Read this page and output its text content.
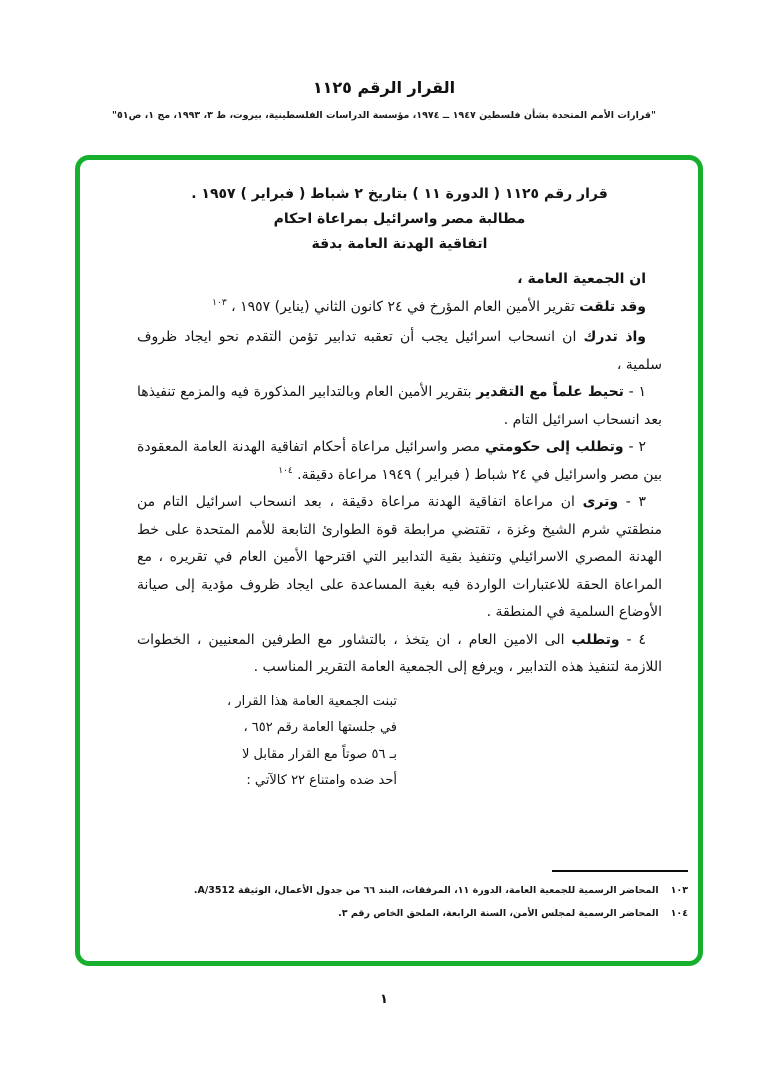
القرار الرقم ١١٢٥
"قرارات الأمم المتحدة بشأن فلسطين ١٩٤٧ ــ ١٩٧٤، مؤسسة الدراسات الفلسطينية، بيروت، ط ٣، ١٩٩٣، مج ١، ص٥١"
قرار رقم ١١٢٥ ( الدورة ١١ ) بتاريخ ٢ شباط ( فبراير ) ١٩٥٧ .
مطالبة مصر واسرائيل بمراعاة احكام
اتفاقية الهدنة العامة بدقة

ان الجمعية العامة ،

وقد تلقت تقرير الأمين العام المؤرخ في ٢٤ كانون الثاني (يناير) ١٩٥٧ ، $^{١٠٣}$

واذ تدرك ان انسحاب اسرائيل يجب أن تعقبه تدابير تؤمن التقدم نحو ايجاد ظروف سلمية ،

١ - تحيط علماً مع التقدير بتقرير الأمين العام وبالتدابير المذكورة فيه والمزمع تنفيذها بعد انسحاب اسرائيل التام .

٢ - وتطلب إلى حكومتي مصر واسرائيل مراعاة أحكام اتفاقية الهدنة العامة المعقودة بين مصر واسرائيل في ٢٤ شباط ( فبراير ) ١٩٤٩ مراعاة دقيقة. $^{١٠٤}$

٣ - وترى ان مراعاة اتفاقية الهدنة مراعاة دقيقة ، بعد انسحاب اسرائيل التام من منطقتي شرم الشيخ وغزة ، تقتضي مرابطة قوة الطوارئ التابعة للأمم المتحدة على خط الهدنة المصري الاسرائيلي وتنفيذ بقية التدابير التي اقترحها الأمين العام في تقريره ، مع المراعاة الحقة للاعتبارات الواردة فيه بغية المساعدة على ايجاد ظروف مؤدية إلى صيانة الأوضاع السلمية في المنطقة .

٤ - وتطلب الى الامين العام ، ان يتخذ ، بالتشاور مع الطرفين المعنيين ، الخطوات اللازمة لتنفيذ هذه التدابير ، ويرفع إلى الجمعية العامة التقرير المناسب .

تبنت الجمعية العامة هذا القرار ،
في جلستها العامة رقم ٦٥٢ ،
بـ ٥٦ صوتاً مع القرار مقابل لا
أحد ضده وامتناع ٢٢ كالآتي :
١٠٣المحاضر الرسمية للجمعية العامة، الدورة ١١، المرفقات، البند ٦٦ من جدول الأعمال، الوثيقة A/3512.
١٠٤المحاضر الرسمية لمجلس الأمن، السنة الرابعة، الملحق الخاص رقم ٣.
١
